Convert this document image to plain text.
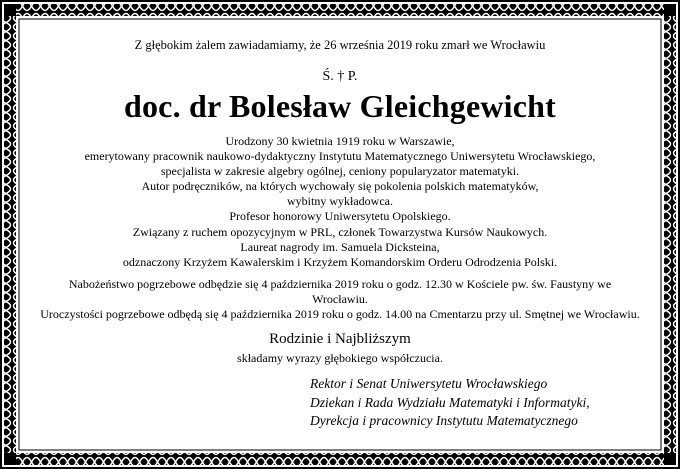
Z głębokim żalem zawiadamiamy, że 26 września 2019 roku zmarł we Wrocławiu
Ś. † P.
doc. dr Bolesław Gleichgewicht
Urodzony 30 kwietnia 1919 roku w Warszawie,
emerytowany pracownik naukowo-dydaktyczny Instytutu Matematycznego Uniwersytetu Wrocławskiego,
specjalista w zakresie algebry ogólnej, ceniony popularyzator matematyki.
Autor podręczników, na których wychowały się pokolenia polskich matematyków,
wybitny wykładowca.
Profesor honorowy Uniwersytetu Opolskiego.
Związany z ruchem opozycyjnym w PRL, członek Towarzystwa Kursów Naukowych.
Laureat nagrody im. Samuela Dicksteina,
odznaczony Krzyżem Kawalerskim i Krzyżem Komandorskim Orderu Odrodzenia Polski.
Nabożeństwo pogrzebowe odbędzie się 4 października 2019 roku o godz. 12.30 w Kościele pw. św. Faustyny we
Wrocławiu.
Uroczystości pogrzebowe odbędą się 4 października 2019 roku o godz. 14.00 na Cmentarzu przy ul. Smętnej we Wrocławiu.
Rodzinie i Najbliższym
składamy wyrazy głębokiego współczucia.
Rektor i Senat Uniwersytetu Wrocławskiego
Dziekan i Rada Wydziału Matematyki i Informatyki,
Dyrekcja i pracownicy Instytutu Matematycznego
